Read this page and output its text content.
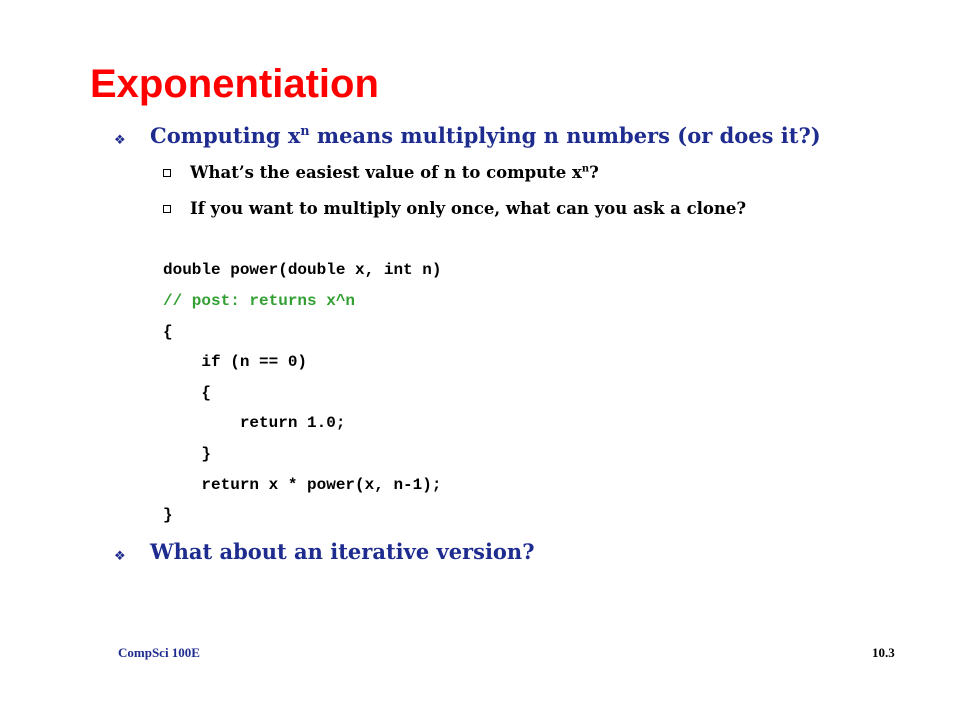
Exponentiation
❖ Computing $x^n$ means multiplying n numbers (or does it?)
What’s the easiest value of n to compute $x^n$?
If you want to multiply only once, what can you ask a clone?
double power(double x, int n)
// post: returns x^n
{
if (n == 0)
{
return 1.0;
}
return x * power(x, n-1);
}
❖ What about an iterative version?
CompSci 100E	10.3
